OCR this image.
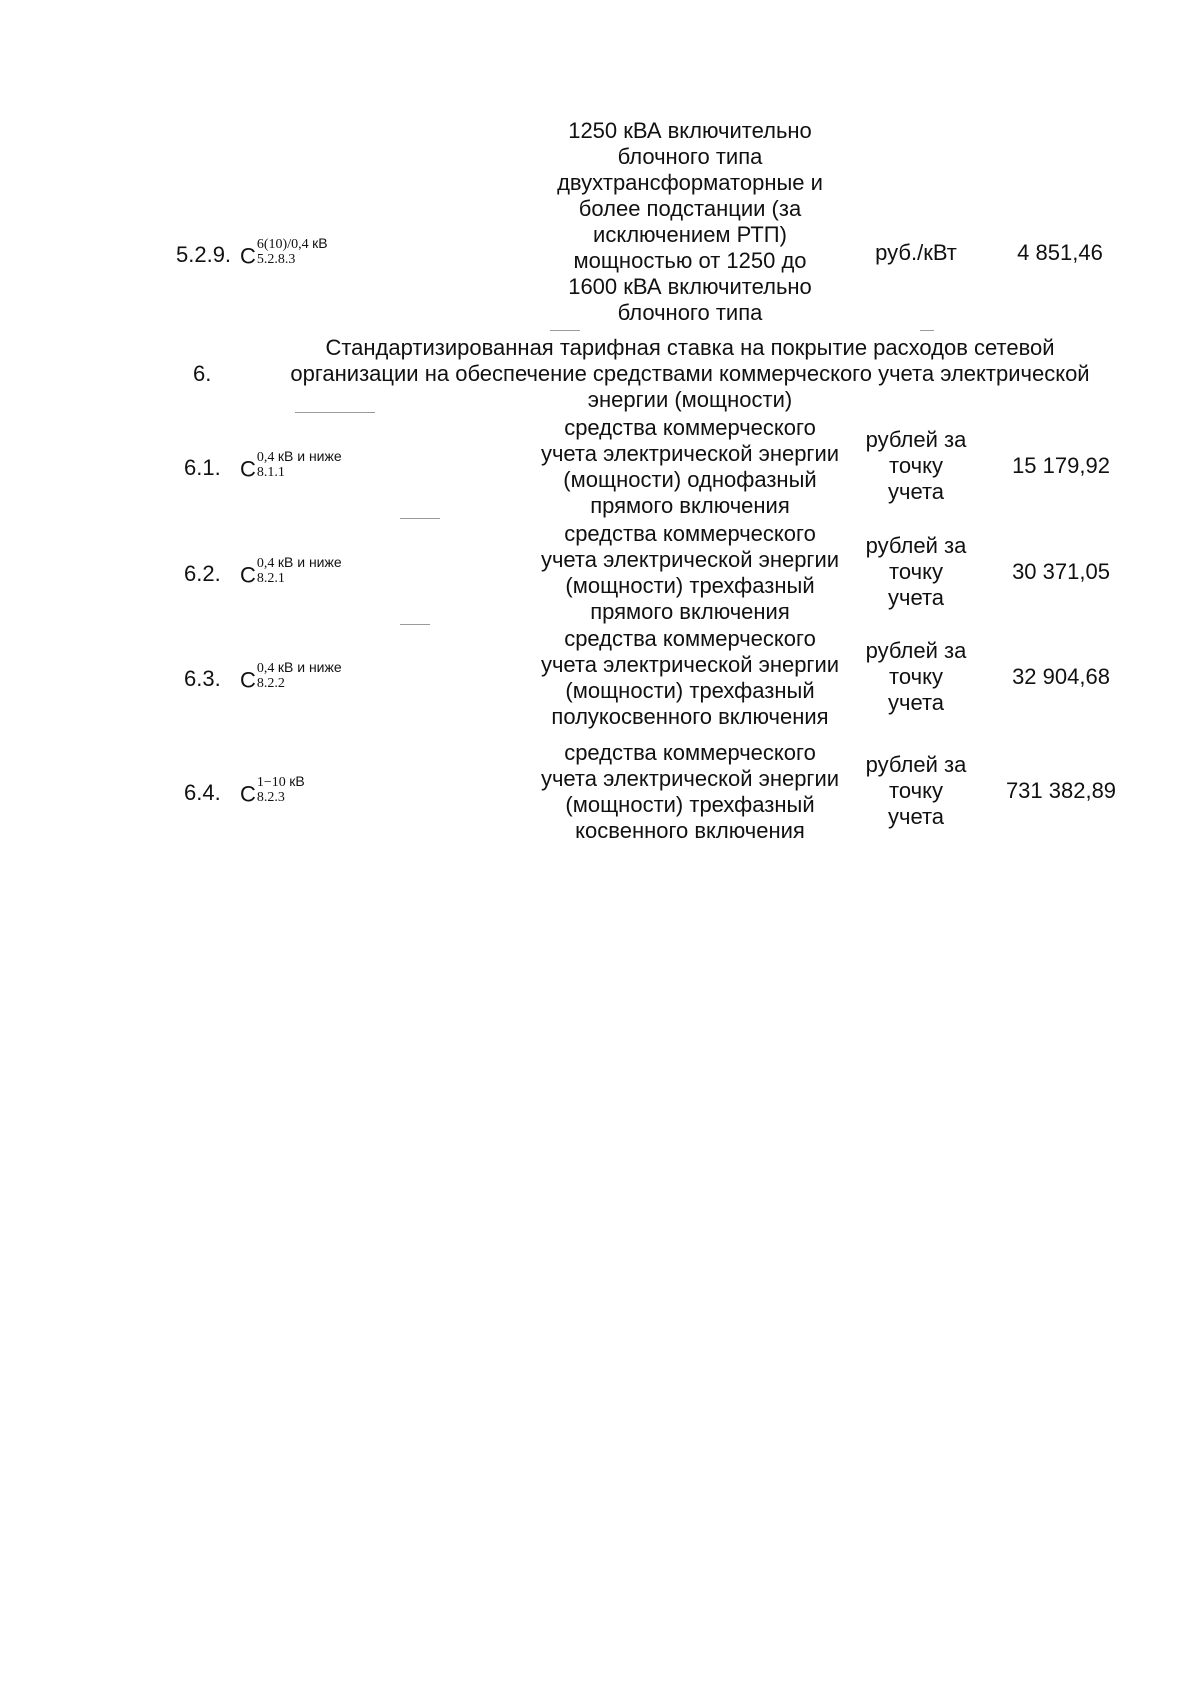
5.2.9. C 6(10)/0,4 кВ
5.2.8.3
1250 кВА включительно
блочного типа
двухтрансформаторные и
более подстанции (за
исключением РТП)
мощностью от 1250 до
1600 кВА включительно
блочного типа
руб./кВт	4 851,46
6.
Стандартизированная тарифная ставка на покрытие расходов сетевой
организации на обеспечение средствами коммерческого учета электрической
энергии (мощности)
6.1. C 0,4 кВ и ниже
8.1.1
средства коммерческого
учета электрической энергии
(мощности) однофазный
прямого включения
рублей за
точку
учета
15 179,92
6.2. C 0,4 кВ и ниже
8.2.1
средства коммерческого
учета электрической энергии
(мощности) трехфазный
прямого включения
рублей за
точку
учета
30 371,05
6.3. C 0,4 кВ и ниже
8.2.2
средства коммерческого
учета электрической энергии
(мощности) трехфазный
полукосвенного включения
рублей за
точку
учета
32 904,68
6.4. C 1−10 кВ
8.2.3
средства коммерческого
учета электрической энергии
(мощности) трехфазный
косвенного включения
рублей за
точку
учета
731 382,89
